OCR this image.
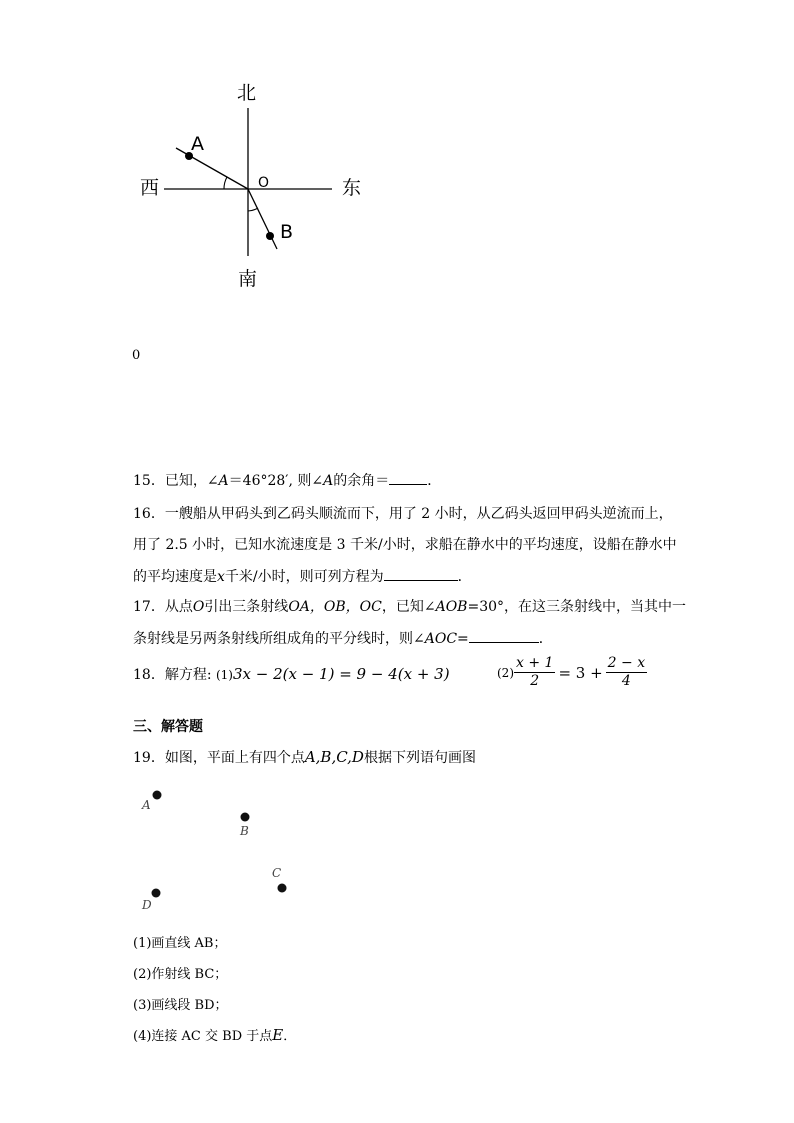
北
南
西	东
O
A
B
0
15．已知，∠A＝46°28′, 则∠A的余角＝	．
16．一艘船从甲码头到乙码头顺流而下，用了 2 小时，从乙码头返回甲码头逆流而上，
用了 2.5 小时，已知水流速度是 3 千米/小时，求船在静水中的平均速度，设船在静水中
的平均速度是x千米/小时，则可列方程为	．
17．从点O引出三条射线OA，OB，OC，已知∠AOB=30°，在这三条射线中，当其中一
条射线是另两条射线所组成角的平分线时，则∠AOC=	．
18．解方程: (1)3x − 2(x − 1) = 9 − 4(x + 3)	$(2) \frac{x + 1}{2} = 3 + \frac{2 - x}{4}$
三、解答题
19．如图，平面上有四个点A,B,C,D根据下列语句画图
A
B
C
D
(1)画直线 AB；
(2)作射线 BC；
(3)画线段 BD；
(4)连接 AC 交 BD 于点E．
